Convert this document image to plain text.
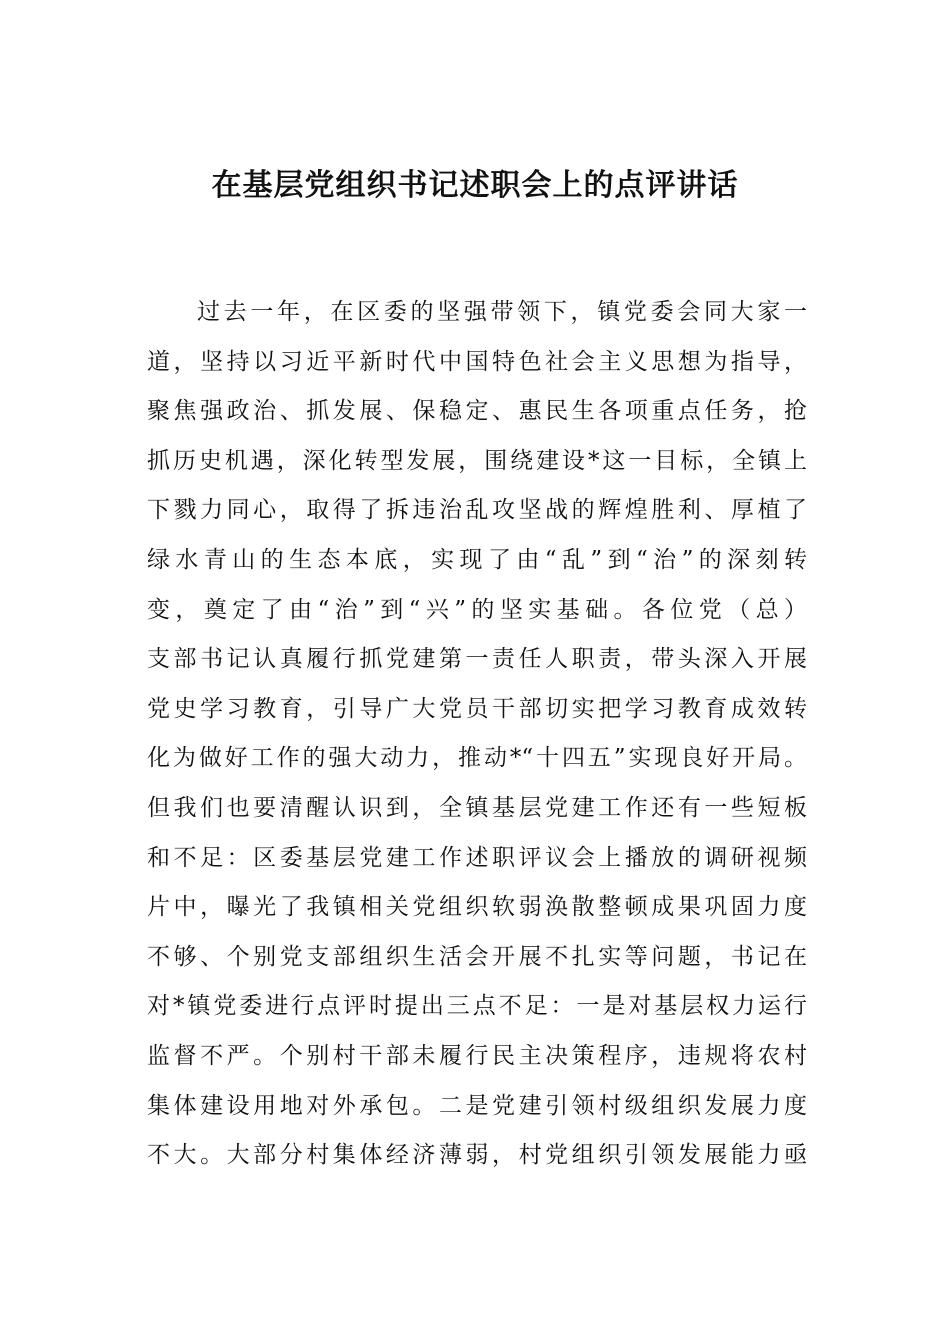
在基层党组织书记述职会上的点评讲话
过去一年，在区委的坚强带领下，镇党委会同大家一
道，坚持以习近平新时代中国特色社会主义思想为指导，
聚焦强政治、抓发展、保稳定、惠民生各项重点任务，抢
抓历史机遇，深化转型发展，围绕建设*这一目标，全镇上
下戮力同心，取得了拆违治乱攻坚战的辉煌胜利、厚植了
绿水青山的生态本底，实现了由“乱”到“治”的深刻转
变，奠定了由“治”到“兴”的坚实基础。各位党（总）
支部书记认真履行抓党建第一责任人职责，带头深入开展
党史学习教育，引导广大党员干部切实把学习教育成效转
化为做好工作的强大动力，推动*“十四五”实现良好开局。
但我们也要清醒认识到，全镇基层党建工作还有一些短板
和不足：区委基层党建工作述职评议会上播放的调研视频
片中，曝光了我镇相关党组织软弱涣散整顿成果巩固力度
不够、个别党支部组织生活会开展不扎实等问题，书记在
对*镇党委进行点评时提出三点不足：一是对基层权力运行
监督不严。个别村干部未履行民主决策程序，违规将农村
集体建设用地对外承包。二是党建引领村级组织发展力度
不大。大部分村集体经济薄弱，村党组织引领发展能力亟
